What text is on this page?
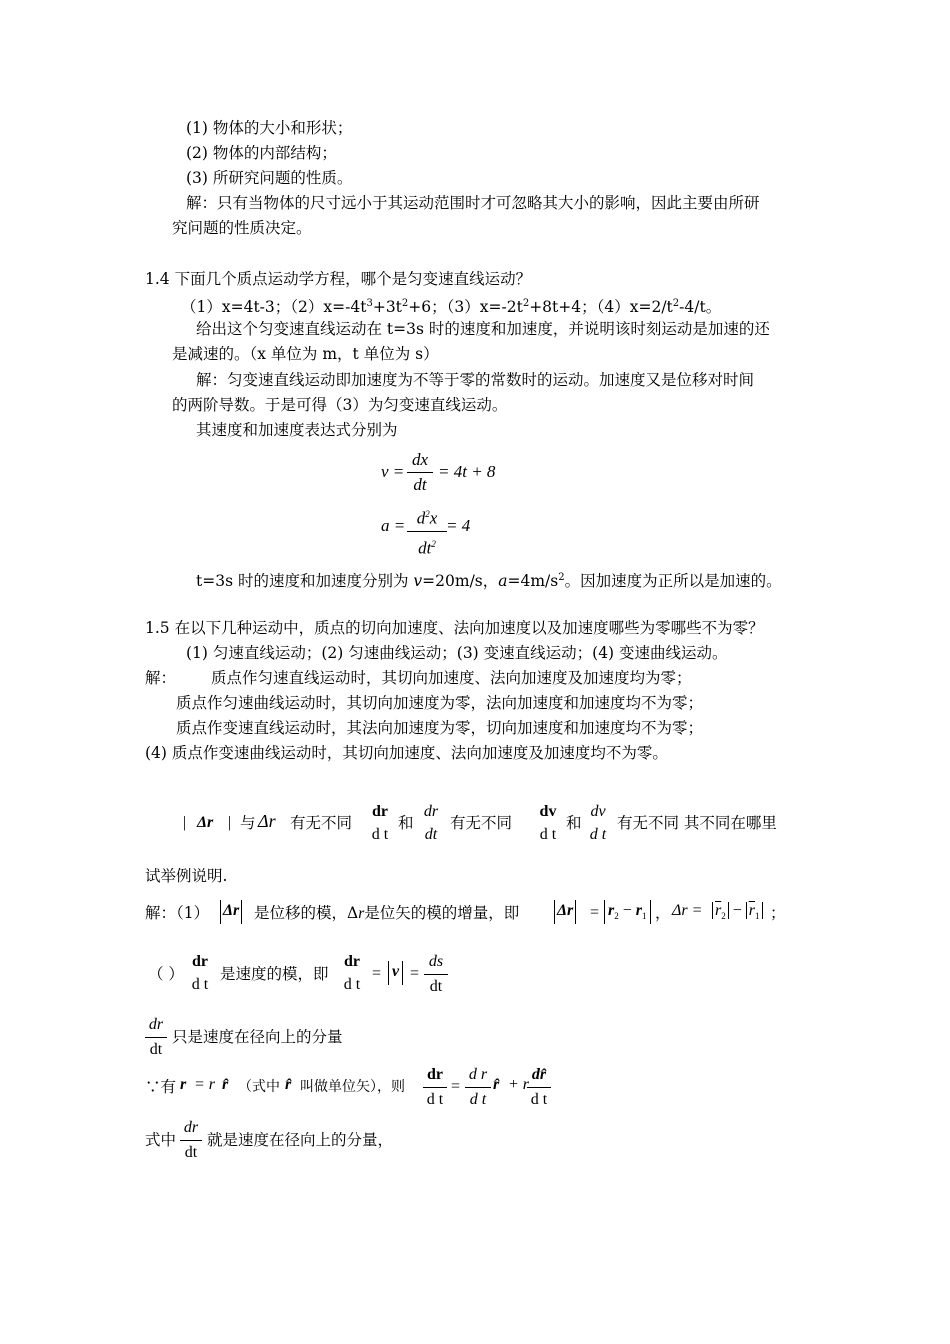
(1) 物体的大小和形状；
(2) 物体的内部结构；
(3) 所研究问题的性质。
解：只有当物体的尺寸远小于其运动范围时才可忽略其大小的影响，因此主要由所研
究问题的性质决定。
1.4 下面几个质点运动学方程，哪个是匀变速直线运动？
（1）x=4t-3；$(2)x=-4t^3+3t^2+6$；$(3)x=-2t^2+8t+4$；$(4)x=2/t^2-4/t$。
给出这个匀变速直线运动在 t=3s 时的速度和加速度，并说明该时刻运动是加速的还
是减速的。（x 单位为 m，t 单位为 s）
解：匀变速直线运动即加速度为不等于零的常数时的运动。加速度又是位移对时间
的两阶导数。于是可得（3）为匀变速直线运动。
其速度和加速度表达式分别为
v =
dx
dt
= 4t + 8
$a = d^2x$
$dt^2$
= 4
t=3s 时的速度和加速度分别为 v=20m/s，$a=4m/s^2$。因加速度为正所以是加速的。
1.5 在以下几种运动中，质点的切向加速度、法向加速度以及加速度哪些为零哪些不为零？
(1) 匀速直线运动；(2) 匀速曲线运动；(3) 变速直线运动；(4) 变速曲线运动。
解： 质点作匀速直线运动时，其切向加速度、法向加速度及加速度均为零；
质点作匀速曲线运动时，其切向加速度为零，法向加速度和加速度均不为零；
质点作变速直线运动时，其法向加速度为零，切向加速度和加速度均不为零；
(4) 质点作变速曲线运动时，其切向加速度、法向加速度及加速度均不为零。
| Δr | 与 Δr 有无不同
dr
d t
和
dr
dt
有无不同
dv
d t
和
dv
d t
有无不同 其不同在哪里
试举例说明.
解：（1） Δr 是位移的模，Δr是位矢的模的增量，即 $\Delta r = r_2 - r_1$ ， $\Delta r = \overline{r}_2 - \overline{r}_1$ ；
（ ）
dr
d t
是速度的模，即
dr
d t
= v =
ds
dt
dr
dt
只是速度在径向上的分量
∵有 r = r r̂ （式中 r̂ 叫做单位矢），则
dr
d t
=
d r
d t
r̂ + r
dr̂
d t
式中
dr
dt
就是速度在径向上的分量，
